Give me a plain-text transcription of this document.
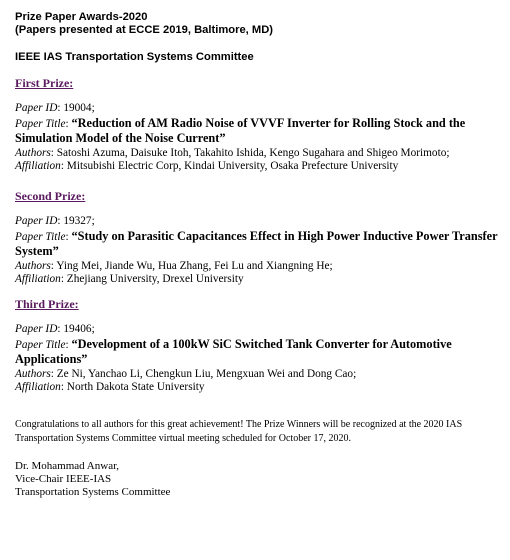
Prize Paper Awards-2020
(Papers presented at ECCE 2019, Baltimore, MD)
IEEE IAS Transportation Systems Committee
First Prize:
Paper ID: 19004;
Paper Title: “Reduction of AM Radio Noise of VVVF Inverter for Rolling Stock and the Simulation Model of the Noise Current”
Authors: Satoshi Azuma, Daisuke Itoh, Takahito Ishida, Kengo Sugahara and Shigeo Morimoto;
Affiliation: Mitsubishi Electric Corp, Kindai University, Osaka Prefecture University
Second Prize:
Paper ID: 19327;
Paper Title: “Study on Parasitic Capacitances Effect in High Power Inductive Power Transfer System”
Authors: Ying Mei, Jiande Wu, Hua Zhang, Fei Lu and Xiangning He;
Affiliation: Zhejiang University, Drexel University
Third Prize:
Paper ID: 19406;
Paper Title: “Development of a 100kW SiC Switched Tank Converter for Automotive Applications”
Authors: Ze Ni, Yanchao Li, Chengkun Liu, Mengxuan Wei and Dong Cao;
Affiliation: North Dakota State University
Congratulations to all authors for this great achievement! The Prize Winners will be recognized at the 2020 IAS Transportation Systems Committee virtual meeting scheduled for October 17, 2020.
Dr. Mohammad Anwar,
Vice-Chair IEEE-IAS
Transportation Systems Committee
